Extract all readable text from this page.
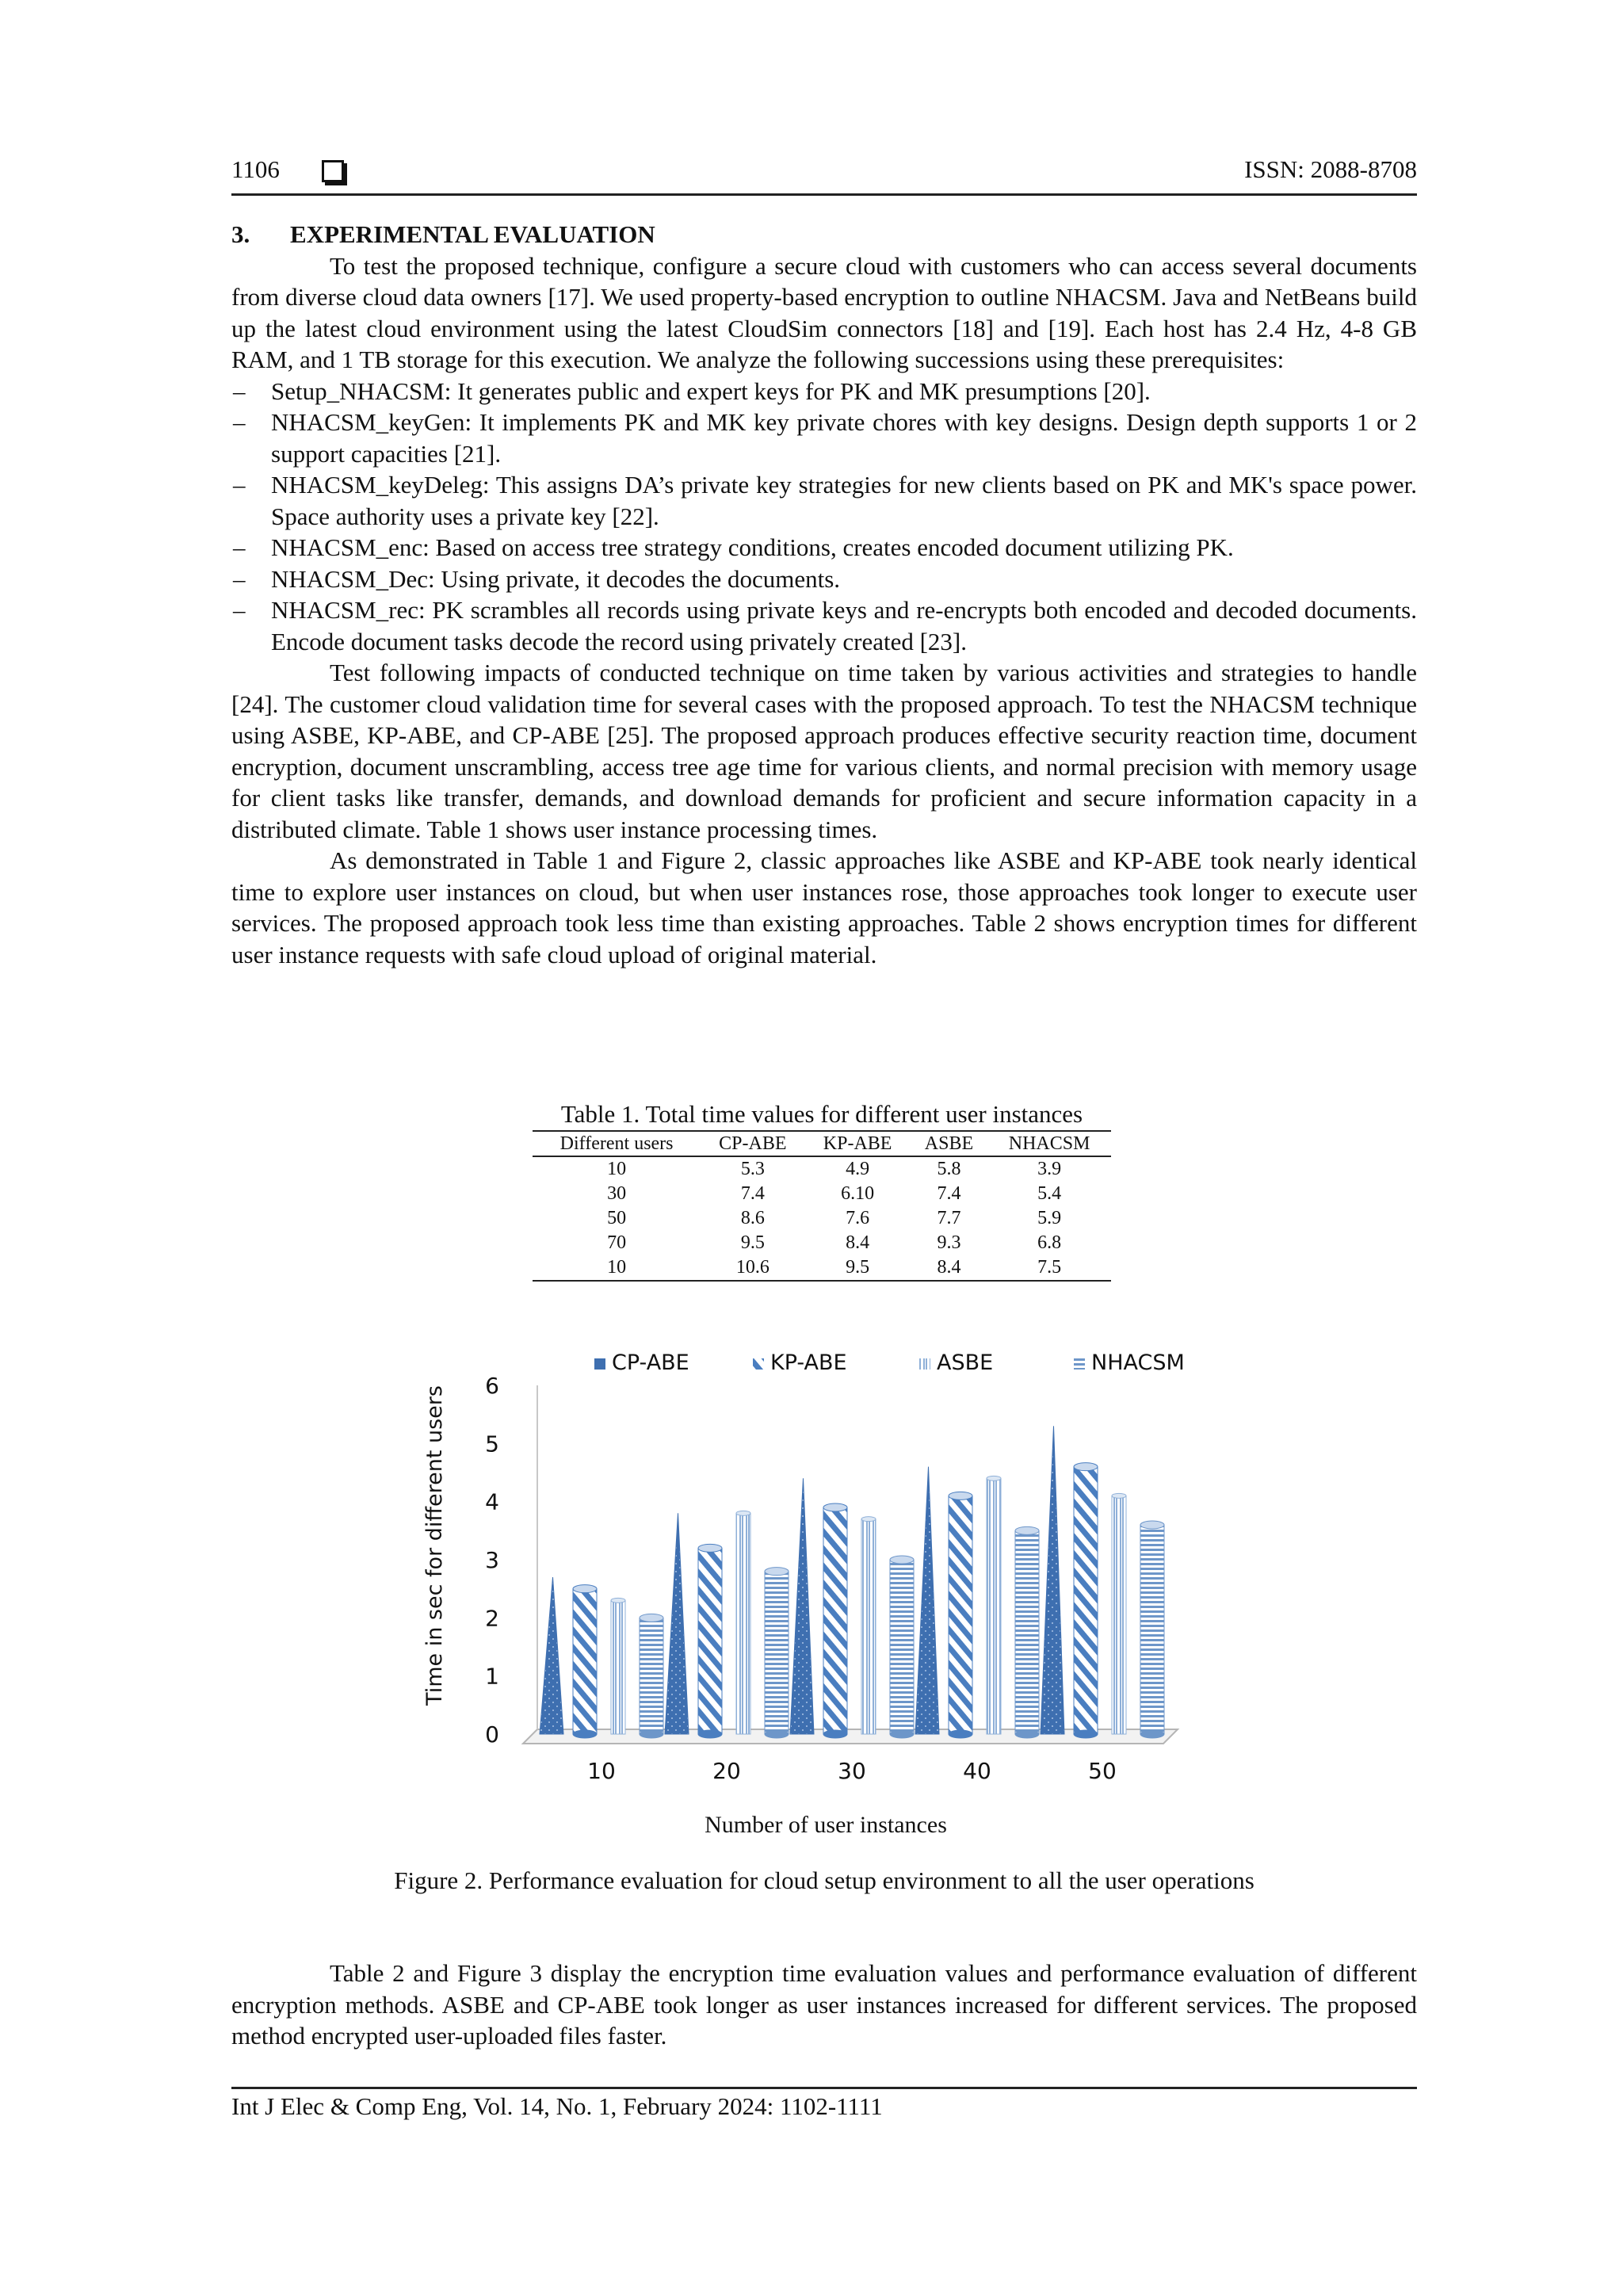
1106	ISSN: 2088-8708

3. EXPERIMENTAL EVALUATION

To test the proposed technique, configure a secure cloud with customers who can access several documents from diverse cloud data owners [17]. We used property-based encryption to outline NHACSM. Java and NetBeans build up the latest cloud environment using the latest CloudSim connectors [18] and [19]. Each host has 2.4 Hz, 4-8 GB RAM, and 1 TB storage for this execution. We analyze the following successions using these prerequisites:

– Setup_NHACSM: It generates public and expert keys for PK and MK presumptions [20].
– NHACSM_keyGen: It implements PK and MK key private chores with key designs. Design depth supports 1 or 2 support capacities [21].
– NHACSM_keyDeleg: This assigns DA’s private key strategies for new clients based on PK and MK's space power. Space authority uses a private key [22].
– NHACSM_enc: Based on access tree strategy conditions, creates encoded document utilizing PK.
– NHACSM_Dec: Using private, it decodes the documents.
– NHACSM_rec: PK scrambles all records using private keys and re-encrypts both encoded and decoded documents. Encode document tasks decode the record using privately created [23].

Test following impacts of conducted technique on time taken by various activities and strategies to handle [24]. The customer cloud validation time for several cases with the proposed approach. To test the NHACSM technique using ASBE, KP-ABE, and CP-ABE [25]. The proposed approach produces effective security reaction time, document encryption, document unscrambling, access tree age time for various clients, and normal precision with memory usage for client tasks like transfer, demands, and download demands for proficient and secure information capacity in a distributed climate. Table 1 shows user instance processing times.

As demonstrated in Table 1 and Figure 2, classic approaches like ASBE and KP-ABE took nearly identical time to explore user instances on cloud, but when user instances rose, those approaches took longer to execute user services. The proposed approach took less time than existing approaches. Table 2 shows encryption times for different user instance requests with safe cloud upload of original material.

Table 1. Total time values for different user instances
Different users	CP-ABE	KP-ABE	ASBE	NHACSM
10	5.3	4.9	5.8	3.9
30	7.4	6.10	7.4	5.4
50	8.6	7.6	7.7	5.9
70	9.5	8.4	9.3	6.8
10	10.6	9.5	8.4	7.5
0
1
2
3
4
5
6
10	20	30	40	50
CP-ABE	KP-ABE	ASBE	NHACSM
Time in sec for different users
Number of user instances
Figure 2. Performance evaluation for cloud setup environment to all the user operations

Table 2 and Figure 3 display the encryption time evaluation values and performance evaluation of different encryption methods. ASBE and CP-ABE took longer as user instances increased for different services. The proposed method encrypted user-uploaded files faster.

Int J Elec & Comp Eng, Vol. 14, No. 1, February 2024: 1102-1111
